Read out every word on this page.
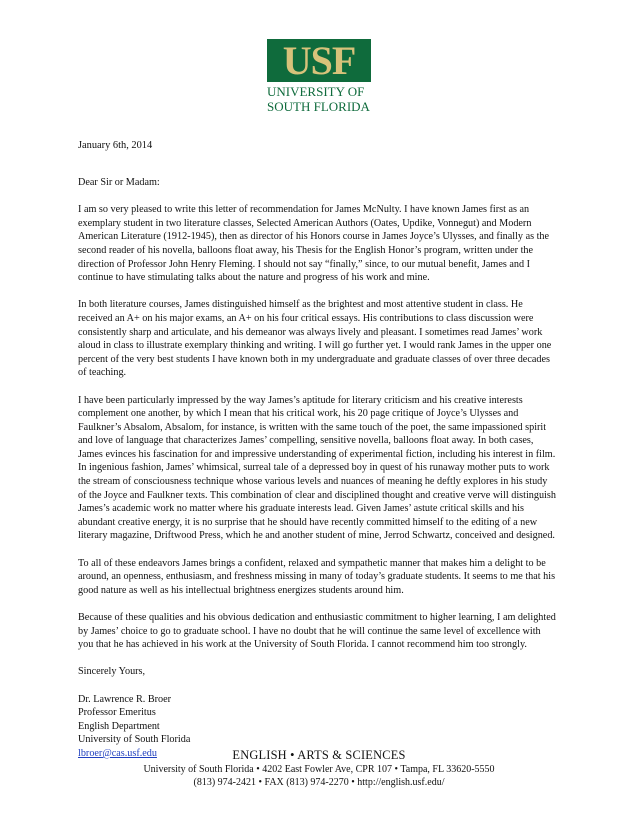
USF
UNIVERSITY OF
SOUTH FLORIDA
January 6th, 2014

Dear Sir or Madam:

I am so very pleased to write this letter of recommendation for James McNulty. I have known James first as an exemplary student in two literature classes, Selected American Authors (Oates, Updike, Vonnegut) and Modern American Literature (1912-1945), then as director of his Honors course in James Joyce’s Ulysses, and finally as the second reader of his novella, balloons float away, his Thesis for the English Honor’s program, written under the direction of Professor John Henry Fleming. I should not say “finally,” since, to our mutual benefit, James and I continue to have stimulating talks about the nature and progress of his work and mine.

In both literature courses, James distinguished himself as the brightest and most attentive student in class. He received an A+ on his major exams, an A+ on his four critical essays. His contributions to class discussion were consistently sharp and articulate, and his demeanor was always lively and pleasant. I sometimes read James’ work aloud in class to illustrate exemplary thinking and writing. I will go further yet. I would rank James in the upper one percent of the very best students I have known both in my undergraduate and graduate classes of over three decades of teaching.

I have been particularly impressed by the way James’s aptitude for literary criticism and his creative interests complement one another, by which I mean that his critical work, his 20 page critique of Joyce’s Ulysses and Faulkner’s Absalom, Absalom, for instance, is written with the same touch of the poet, the same impassioned spirit and love of language that characterizes James’ compelling, sensitive novella, balloons float away. In both cases, James evinces his fascination for and impressive understanding of experimental fiction, including his interest in film. In ingenious fashion, James’ whimsical, surreal tale of a depressed boy in quest of his runaway mother puts to work the stream of consciousness technique whose various levels and nuances of meaning he deftly explores in his study of the Joyce and Faulkner texts. This combination of clear and disciplined thought and creative verve will distinguish James’s academic work no matter where his graduate interests lead. Given James’ astute critical skills and his abundant creative energy, it is no surprise that he should have recently committed himself to the editing of a new literary magazine, Driftwood Press, which he and another student of mine, Jerrod Schwartz, conceived and designed.

To all of these endeavors James brings a confident, relaxed and sympathetic manner that makes him a delight to be around, an openness, enthusiasm, and freshness missing in many of today’s graduate students. It seems to me that his good nature as well as his intellectual brightness energizes students around him.

Because of these qualities and his obvious dedication and enthusiastic commitment to higher learning, I am delighted by James’ choice to go to graduate school. I have no doubt that he will continue the same level of excellence with you that he has achieved in his work at the University of South Florida. I cannot recommend him too strongly.

Sincerely Yours,

Dr. Lawrence R. Broer
Professor Emeritus
English Department
University of South Florida
lbroer@cas.usf.edu	ENGLISH • ARTS & SCIENCES
University of South Florida • 4202 East Fowler Ave, CPR 107 • Tampa, FL 33620-5550
(813) 974-2421 • FAX (813) 974-2270 • http://english.usf.edu/
